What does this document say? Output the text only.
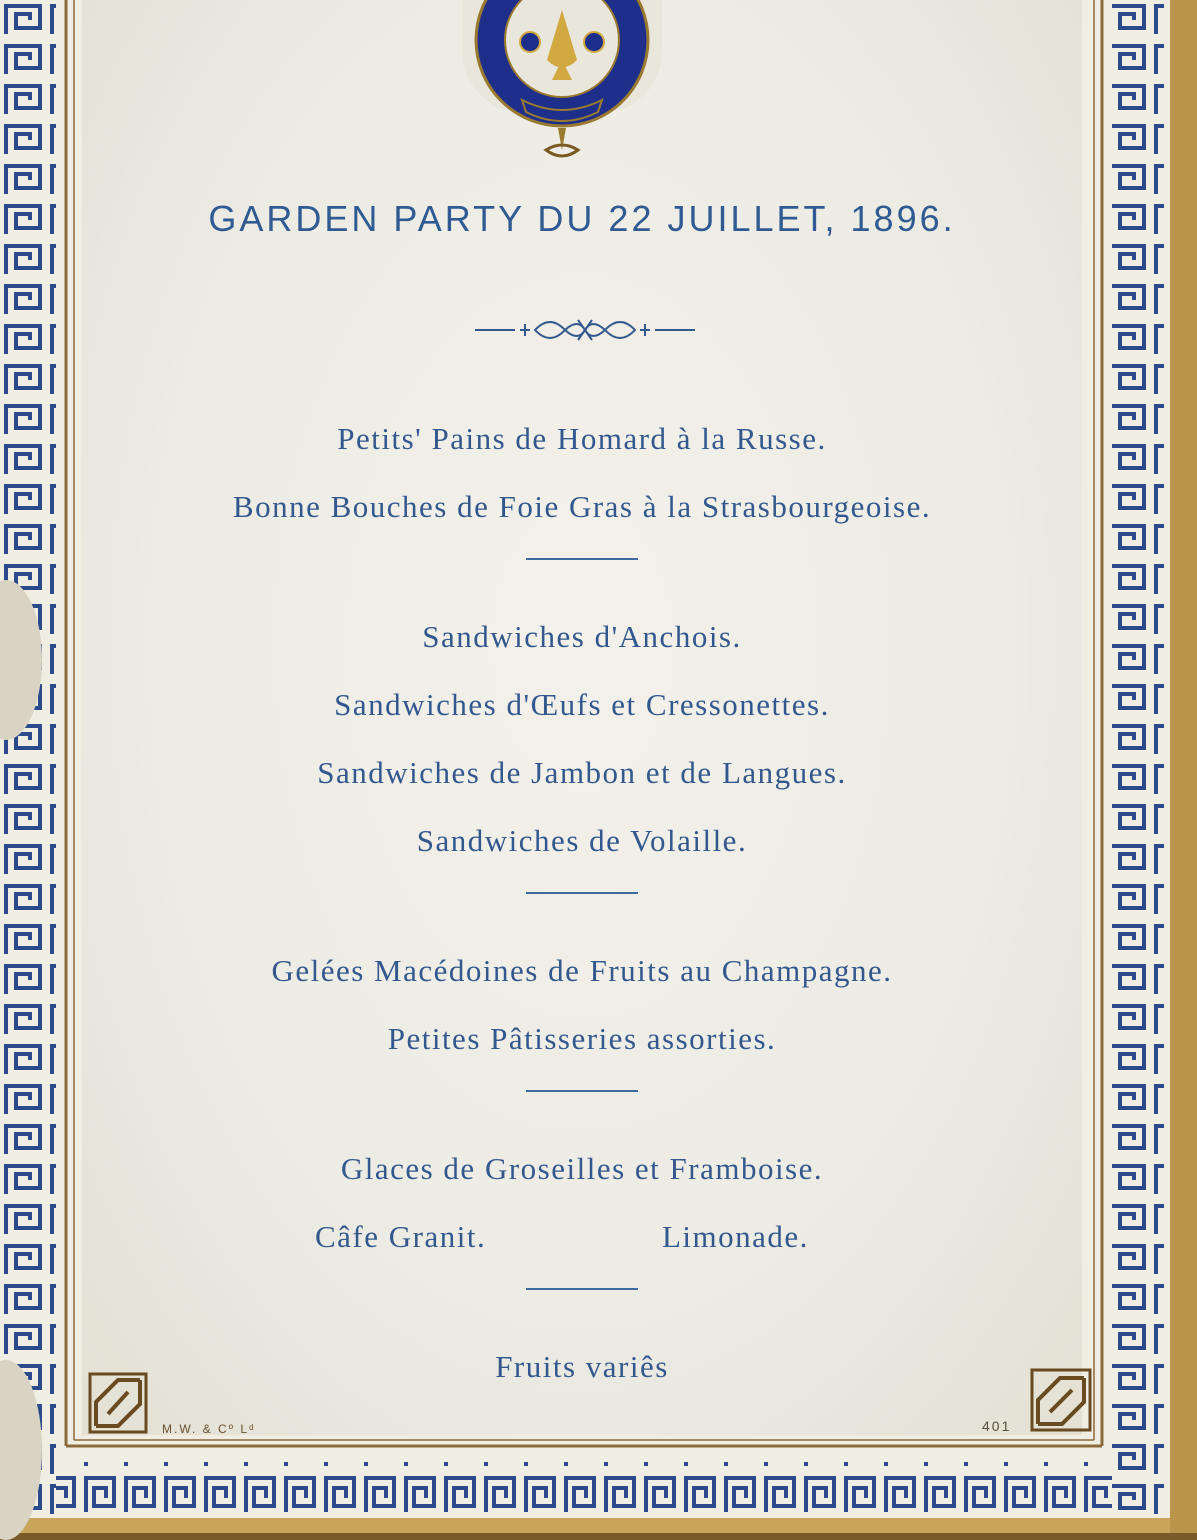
GARDEN PARTY DU 22 JUILLET, 1896.
Petits' Pains de Homard à la Russe.
Bonne Bouches de Foie Gras à la Strasbourgeoise.
Sandwiches d'Anchois.
Sandwiches d'Œufs et Cressonettes.
Sandwiches de Jambon et de Langues.
Sandwiches de Volaille.
Gelées Macédoines de Fruits au Champagne.
Petites Pâtisseries assorties.
Glaces de Groseilles et Framboise.
Câfe Granit.	Limonade.
Fruits variês
M.W. & Cº Lᵈ	401
